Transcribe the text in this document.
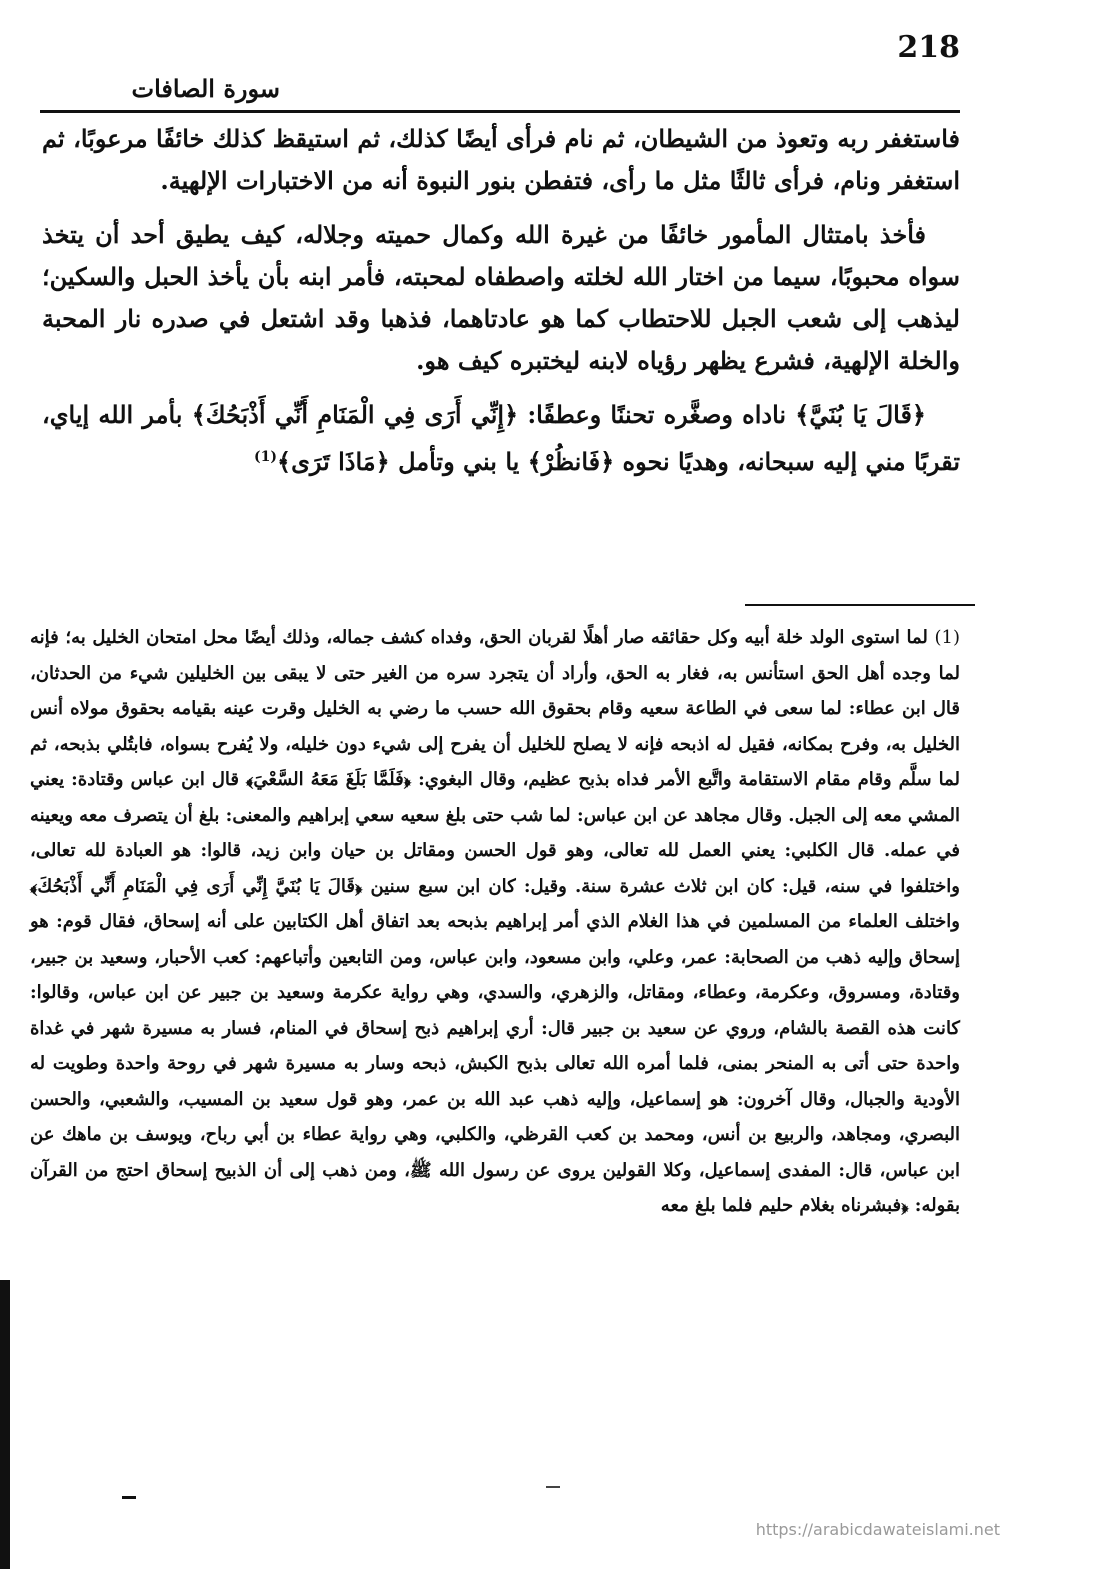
218
سورة الصافات

فاستغفر ربه وتعوذ من الشيطان، ثم نام فرأى أيضًا كذلك، ثم استيقظ كذلك خائفًا مرعوبًا، ثم استغفر ونام، فرأى ثالثًا مثل ما رأى، فتفطن بنور النبوة أنه من الاختبارات الإلهية.

فأخذ بامتثال المأمور خائفًا من غيرة الله وكمال حميته وجلاله، كيف يطيق أحد أن يتخذ سواه محبوبًا، سيما من اختار الله لخلته واصطفاه لمحبته، فأمر ابنه بأن يأخذ الحبل والسكين؛ ليذهب إلى شعب الجبل للاحتطاب كما هو عادتاهما، فذهبا وقد اشتعل في صدره نار المحبة والخلة الإلهية، فشرع يظهر رؤياه لابنه ليختبره كيف هو.

﴿قَالَ يَا بُنَيَّ﴾ ناداه وصغَّره تحننًا وعطفًا: ﴿إِنِّي أَرَى فِي الْمَنَامِ أَنِّي أَذْبَحُكَ﴾ بأمر الله إياي، تقربًا مني إليه سبحانه، وهديًا نحوه ﴿فَانظُرْ﴾ يا بني وتأمل ﴿مَاذَا تَرَى﴾$^{(1)}$

(1) لما استوى الولد خلة أبيه وكل حقائقه صار أهلًا لقربان الحق، وفداه كشف جماله، وذلك أيضًا محل امتحان الخليل به؛ فإنه لما وجده أهل الحق استأنس به، فغار به الحق، وأراد أن يتجرد سره من الغير حتى لا يبقى بين الخليلين شيء من الحدثان، قال ابن عطاء: لما سعى في الطاعة سعيه وقام بحقوق الله حسب ما رضي به الخليل وقرت عينه بقيامه بحقوق مولاه أنس الخليل به، وفرح بمكانه، فقيل له اذبحه فإنه لا يصلح للخليل أن يفرح إلى شيء دون خليله، ولا يُفرح بسواه، فابتُلي بذبحه، ثم لما سلَّم وقام مقام الاستقامة واتَّبع الأمر فداه بذبح عظيم، وقال البغوي: ﴿فَلَمَّا بَلَغَ مَعَهُ السَّعْيَ﴾ قال ابن عباس وقتادة: يعني المشي معه إلى الجبل. وقال مجاهد عن ابن عباس: لما شب حتى بلغ سعيه سعي إبراهيم والمعنى: بلغ أن يتصرف معه ويعينه في عمله. قال الكلبي: يعني العمل لله تعالى، وهو قول الحسن ومقاتل بن حيان وابن زيد، قالوا: هو العبادة لله تعالى، واختلفوا في سنه، قيل: كان ابن ثلاث عشرة سنة. وقيل: كان ابن سبع سنين ﴿قَالَ يَا بُنَيَّ إِنِّي أَرَى فِي الْمَنَامِ أَنِّي أَذْبَحُكَ﴾ واختلف العلماء من المسلمين في هذا الغلام الذي أمر إبراهيم بذبحه بعد اتفاق أهل الكتابين على أنه إسحاق، فقال قوم: هو إسحاق وإليه ذهب من الصحابة: عمر، وعلي، وابن مسعود، وابن عباس، ومن التابعين وأتباعهم: كعب الأحبار، وسعيد بن جبير، وقتادة، ومسروق، وعكرمة، وعطاء، ومقاتل، والزهري، والسدي، وهي رواية عكرمة وسعيد بن جبير عن ابن عباس، وقالوا: كانت هذه القصة بالشام، وروي عن سعيد بن جبير قال: أري إبراهيم ذبح إسحاق في المنام، فسار به مسيرة شهر في غداة واحدة حتى أتى به المنحر بمنى، فلما أمره الله تعالى بذبح الكبش، ذبحه وسار به مسيرة شهر في روحة واحدة وطويت له الأودية والجبال، وقال آخرون: هو إسماعيل، وإليه ذهب عبد الله بن عمر، وهو قول سعيد بن المسيب، والشعبي، والحسن البصري، ومجاهد، والربيع بن أنس، ومحمد بن كعب القرظي، والكلبي، وهي رواية عطاء بن أبي رباح، ويوسف بن ماهك عن ابن عباس، قال: المفدى إسماعيل، وكلا القولين يروى عن رسول الله ﷺ، ومن ذهب إلى أن الذبيح إسحاق احتج من القرآن بقوله: ﴿فبشرناه بغلام حليم فلما بلغ معه
https://arabicdawateislami.net
